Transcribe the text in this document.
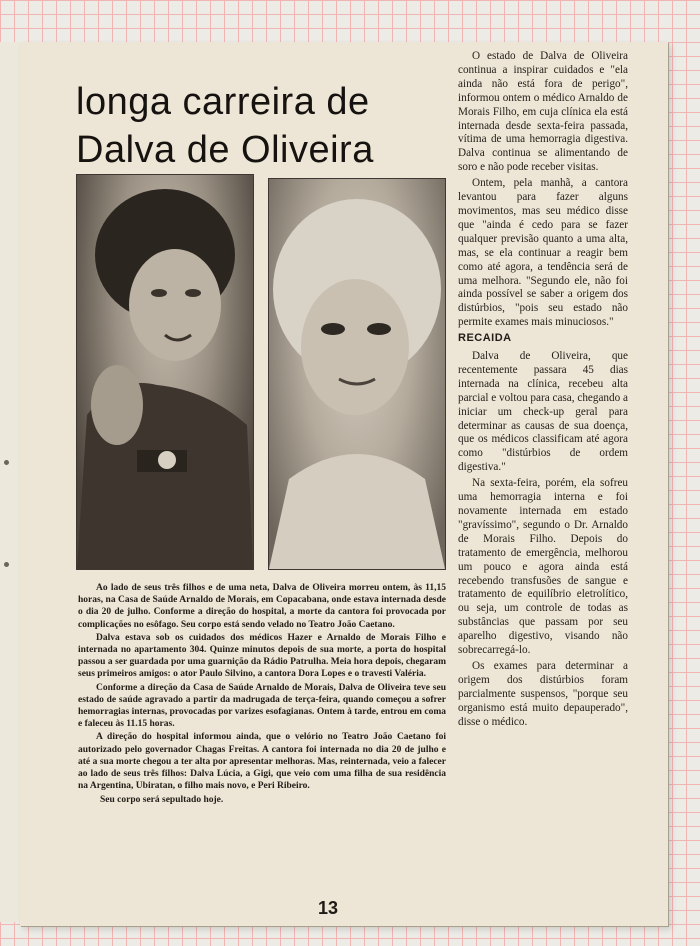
longa carreira de Dalva de Oliveira

Ao lado de seus três filhos e de uma neta, Dalva de Oliveira morreu ontem, às 11,15 horas, na Casa de Saúde Arnaldo de Morais, em Copacabana, onde estava internada desde o dia 20 de julho. Conforme a direção do hospital, a morte da cantora foi provocada por complicações no esôfago. Seu corpo está sendo velado no Teatro João Caetano.

Dalva estava sob os cuidados dos médicos Hazer e Arnaldo de Morais Filho e internada no apartamento 304. Quinze minutos depois de sua morte, a porta do hospital passou a ser guardada por uma guarnição da Rádio Patrulha. Meia hora depois, chegaram seus primeiros amigos: o ator Paulo Silvino, a cantora Dora Lopes e o travesti Valéria.

Conforme a direção da Casa de Saúde Arnaldo de Morais, Dalva de Oliveira teve seu estado de saúde agravado a partir da madrugada de terça-feira, quando começou a sofrer hemorragias internas, provocadas por varizes esofagianas. Ontem à tarde, entrou em coma e faleceu às 11.15 horas.

A direção do hospital informou ainda, que o velório no Teatro João Caetano foi autorizado pelo governador Chagas Freitas. A cantora foi internada no dia 20 de julho e até a sua morte chegou a ter alta por apresentar melhoras. Mas, reinternada, veio a falecer ao lado de seus três filhos: Dalva Lúcia, a Gigi, que veio com uma filha de sua residência na Argentina, Ubiratan, o filho mais novo, e Peri Ribeiro.

Seu corpo será sepultado hoje.

O estado de Dalva de Oliveira continua a inspirar cuidados e "ela ainda não está fora de perigo", informou ontem o médico Arnaldo de Morais Filho, em cuja clínica ela está internada desde sexta-feira passada, vítima de uma hemorragia digestiva. Dalva continua se alimentando de soro e não pode receber visitas.

Ontem, pela manhã, a cantora levantou para fazer alguns movimentos, mas seu médico disse que "ainda é cedo para se fazer qualquer previsão quanto a uma alta, mas, se ela continuar a reagir bem como até agora, a tendência será de uma melhora. "Segundo ele, não foi ainda possível se saber a origem dos distúrbios, "pois seu estado não permite exames mais minuciosos."

RECAIDA

Dalva de Oliveira, que recentemente passara 45 dias internada na clínica, recebeu alta parcial e voltou para casa, chegando a iniciar um check-up geral para determinar as causas de sua doença, que os médicos classificam até agora como "distúrbios de ordem digestiva."

Na sexta-feira, porém, ela sofreu uma hemorragia interna e foi novamente internada em estado "gravíssimo", segundo o Dr. Arnaldo de Morais Filho. Depois do tratamento de emergência, melhorou um pouco e agora ainda está recebendo transfusões de sangue e tratamento de equilíbrio eletrolítico, ou seja, um controle de todas as substâncias que passam por seu aparelho digestivo, visando não sobrecarregá-lo.

Os exames para determinar a origem dos distúrbios foram parcialmente suspensos, "porque seu organismo está muito depauperado", disse o médico.

13
